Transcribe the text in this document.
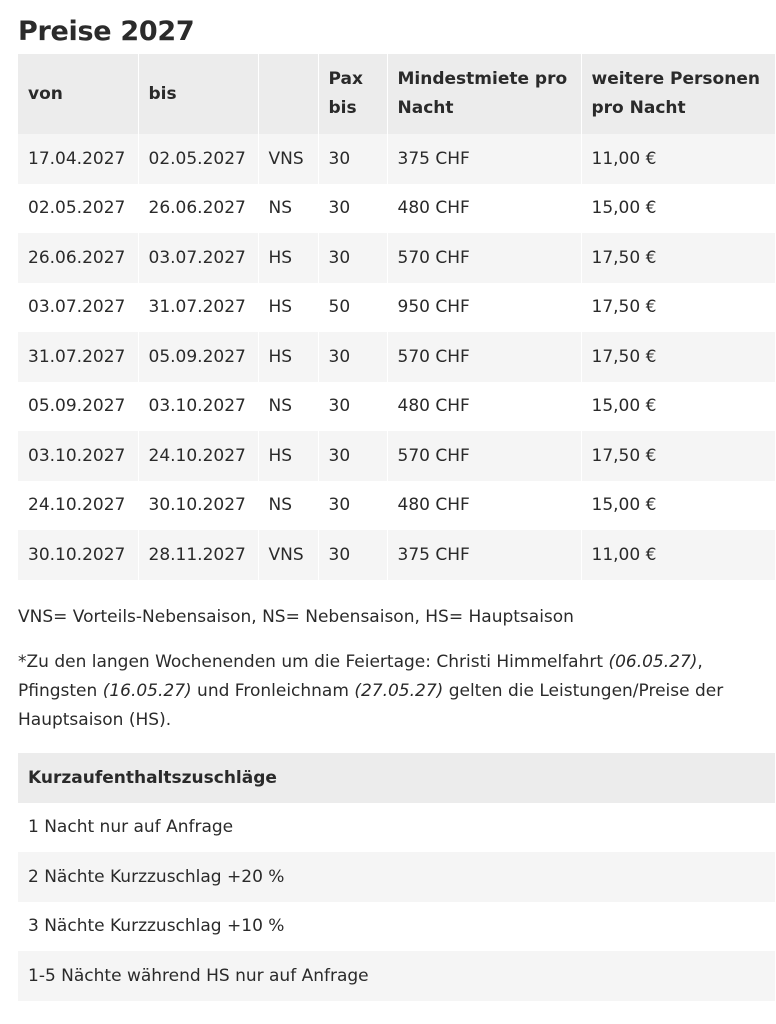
Preise 2027
von	bis		Pax bis	Mindestmiete pro Nacht	weitere Personen pro Nacht
17.04.2027	02.05.2027	VNS	30	375 CHF	11,00 €
02.05.2027	26.06.2027	NS	30	480 CHF	15,00 €
26.06.2027	03.07.2027	HS	30	570 CHF	17,50 €
03.07.2027	31.07.2027	HS	50	950 CHF	17,50 €
31.07.2027	05.09.2027	HS	30	570 CHF	17,50 €
05.09.2027	03.10.2027	NS	30	480 CHF	15,00 €
03.10.2027	24.10.2027	HS	30	570 CHF	17,50 €
24.10.2027	30.10.2027	NS	30	480 CHF	15,00 €
30.10.2027	28.11.2027	VNS	30	375 CHF	11,00 €

VNS= Vorteils-Nebensaison, NS= Nebensaison, HS= Hauptsaison

*Zu den langen Wochenenden um die Feiertage: Christi Himmelfahrt (06.05.27), Pfingsten (16.05.27) und Fronleichnam (27.05.27) gelten die Leistungen/Preise der Hauptsaison (HS).

Kurzaufenthaltszuschläge
1 Nacht nur auf Anfrage
2 Nächte Kurzzuschlag +20 %
3 Nächte Kurzzuschlag +10 %
1-5 Nächte während HS nur auf Anfrage
